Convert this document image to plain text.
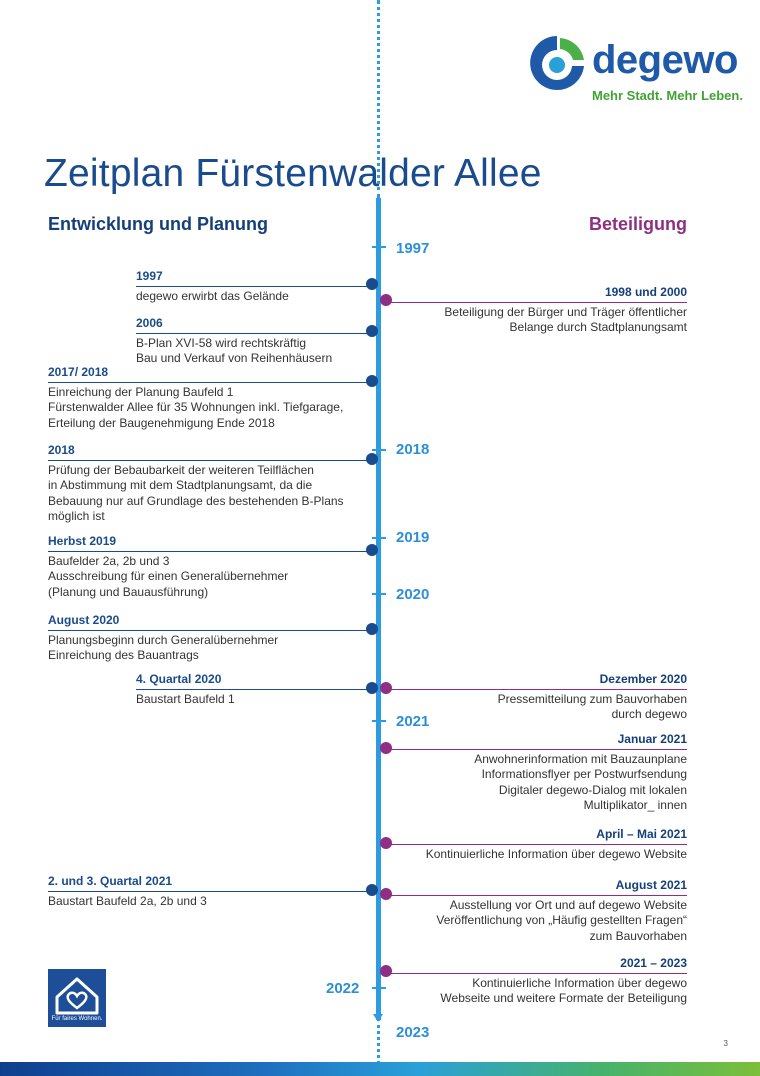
degewo
Mehr Stadt. Mehr Leben.
Zeitplan Fürstenwalder Allee
Entwicklung und Planung	Beteiligung
1997
2018
2019
2020
2021
2022
2023
1997
degewo erwirbt das Gelände
2006
B-Plan XVI-58 wird rechtskräftig
Bau und Verkauf von Reihenhäusern
2017/ 2018
Einreichung der Planung Baufeld 1
Fürstenwalder Allee für 35 Wohnungen inkl. Tiefgarage,
Erteilung der Baugenehmigung Ende 2018
2018
Prüfung der Bebaubarkeit der weiteren Teilflächen
in Abstimmung mit dem Stadtplanungsamt, da die
Bebauung nur auf Grundlage des bestehenden B-Plans
möglich ist
Herbst 2019
Baufelder 2a, 2b und 3
Ausschreibung für einen Generalübernehmer
(Planung und Bauausführung)
August 2020
Planungsbeginn durch Generalübernehmer
Einreichung des Bauantrags
4. Quartal 2020
Baustart Baufeld 1
2. und 3. Quartal 2021
Baustart Baufeld 2a, 2b und 3
1998 und 2000
Beteiligung der Bürger und Träger öffentlicher
Belange durch Stadtplanungsamt
Dezember 2020
Pressemitteilung zum Bauvorhaben
durch degewo
Januar 2021
Anwohnerinformation mit Bauzaunplane
Informationsflyer per Postwurfsendung
Digitaler degewo-Dialog mit lokalen
Multiplikator_ innen
April – Mai 2021
Kontinuierliche Information über degewo Website
August 2021
Ausstellung vor Ort und auf degewo Website
Veröffentlichung von „Häufig gestellten Fragen“
zum Bauvorhaben
2021 – 2023
Kontinuierliche Information über degewo
Webseite und weitere Formate der Beteiligung
Für faires Wohnen.
3
